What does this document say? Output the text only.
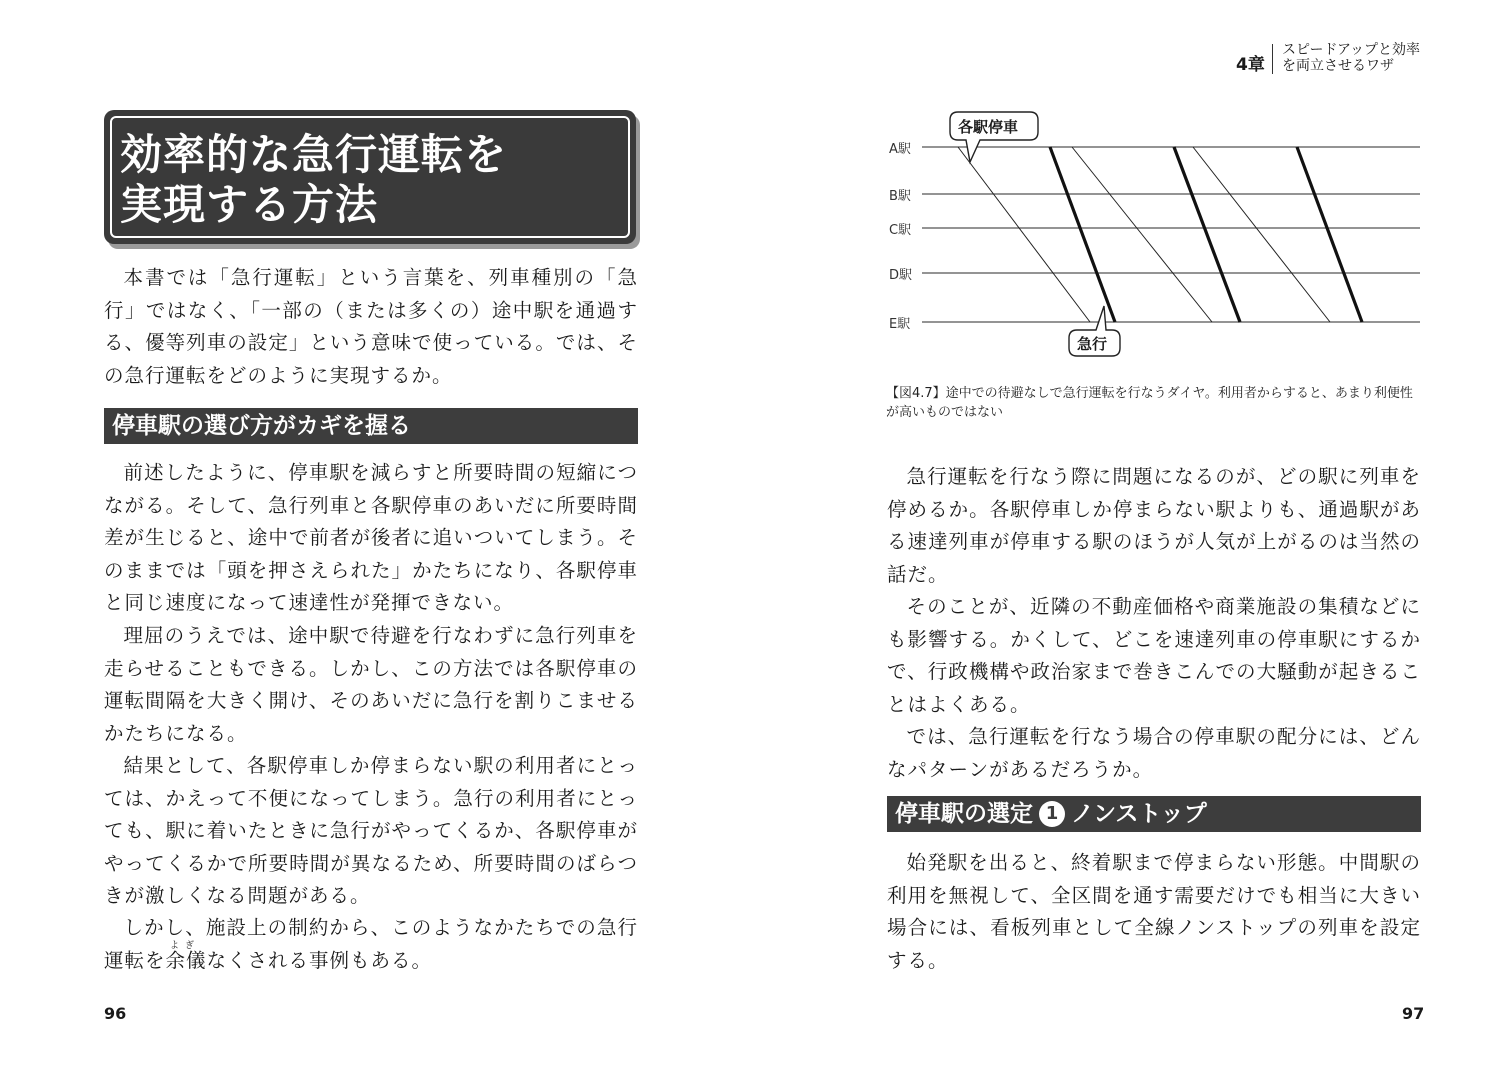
効率的な急行運転を
実現する方法

本書では「急行運転」という言葉を、列車種別の「急行」ではなく、「一部の（または多くの）途中駅を通過する、優等列車の設定」という意味で使っている。では、その急行運転をどのように実現するか。

停車駅の選び方がカギを握る

前述したように、停車駅を減らすと所要時間の短縮につながる。そして、急行列車と各駅停車のあいだに所要時間差が生じると、途中で前者が後者に追いついてしまう。そのままでは「頭を押さえられた」かたちになり、各駅停車と同じ速度になって速達性が発揮できない。

理屈のうえでは、途中駅で待避を行なわずに急行列車を走らせることもできる。しかし、この方法では各駅停車の運転間隔を大きく開け、そのあいだに急行を割りこませるかたちになる。

結果として、各駅停車しか停まらない駅の利用者にとっては、かえって不便になってしまう。急行の利用者にとっても、駅に着いたときに急行がやってくるか、各駅停車がやってくるかで所要時間が異なるため、所要時間のばらつきが激しくなる問題がある。

しかし、施設上の制約から、このようなかたちでの急行運転を余儀なくされる事例もある。

よぎ
96
4章
スピードアップと効率
を両立させるワザ
A駅
B駅
C駅
D駅
E駅
各駅停車
急行
【図4.7】途中での待避なしで急行運転を行なうダイヤ。利用者からすると、あまり利便性が高いものではない

急行運転を行なう際に問題になるのが、どの駅に列車を停めるか。各駅停車しか停まらない駅よりも、通過駅がある速達列車が停車する駅のほうが人気が上がるのは当然の話だ。

そのことが、近隣の不動産価格や商業施設の集積などにも影響する。かくして、どこを速達列車の停車駅にするかで、行政機構や政治家まで巻きこんでの大騒動が起きることはよくある。

では、急行運転を行なう場合の停車駅の配分には、どんなパターンがあるだろうか。

停車駅の選定 1 ノンストップ

始発駅を出ると、終着駅まで停まらない形態。中間駅の利用を無視して、全区間を通す需要だけでも相当に大きい場合には、看板列車として全線ノンストップの列車を設定する。

97
